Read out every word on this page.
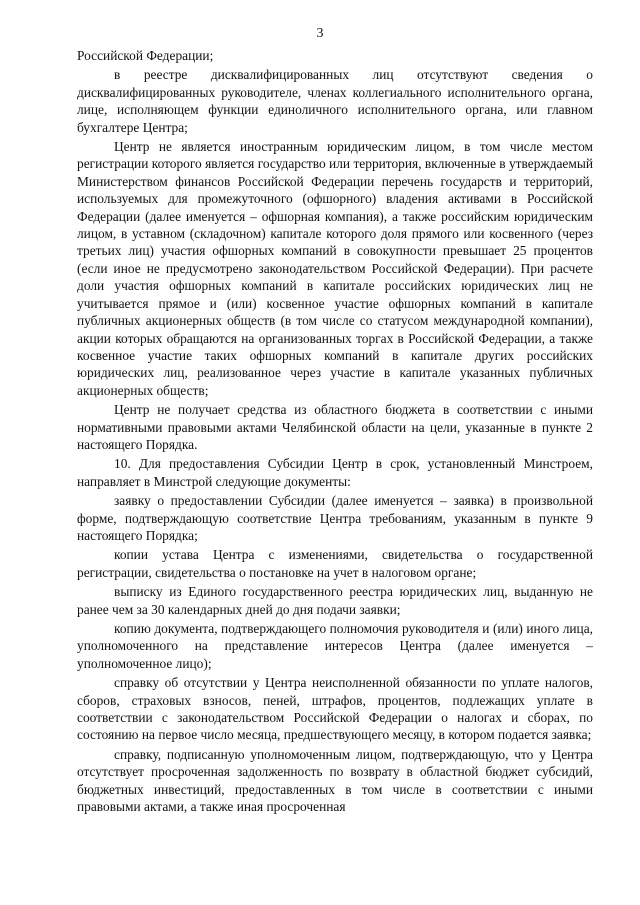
3

Российской Федерации;

в реестре дисквалифицированных лиц отсутствуют сведения о дисквалифицированных руководителе, членах коллегиального исполнительного органа, лице, исполняющем функции единоличного исполнительного органа, или главном бухгалтере Центра;

Центр не является иностранным юридическим лицом, в том числе местом регистрации которого является государство или территория, включенные в утверждаемый Министерством финансов Российской Федерации перечень государств и территорий, используемых для промежуточного (офшорного) владения активами в Российской Федерации (далее именуется – офшорная компания), а также российским юридическим лицом, в уставном (складочном) капитале которого доля прямого или косвенного (через третьих лиц) участия офшорных компаний в совокупности превышает 25 процентов (если иное не предусмотрено законодательством Российской Федерации). При расчете доли участия офшорных компаний в капитале российских юридических лиц не учитывается прямое и (или) косвенное участие офшорных компаний в капитале публичных акционерных обществ (в том числе со статусом международной компании), акции которых обращаются на организованных торгах в Российской Федерации, а также косвенное участие таких офшорных компаний в капитале других российских юридических лиц, реализованное через участие в капитале указанных публичных акционерных обществ;

Центр не получает средства из областного бюджета в соответствии с иными нормативными правовыми актами Челябинской области на цели, указанные в пункте 2 настоящего Порядка.

10. Для предоставления Субсидии Центр в срок, установленный Минстроем, направляет в Минстрой следующие документы:

заявку о предоставлении Субсидии (далее именуется – заявка) в произвольной форме, подтверждающую соответствие Центра требованиям, указанным в пункте 9 настоящего Порядка;

копии устава Центра с изменениями, свидетельства о государственной регистрации, свидетельства о постановке на учет в налоговом органе;

выписку из Единого государственного реестра юридических лиц, выданную не ранее чем за 30 календарных дней до дня подачи заявки;

копию документа, подтверждающего полномочия руководителя и (или) иного лица, уполномоченного на представление интересов Центра (далее именуется – уполномоченное лицо);

справку об отсутствии у Центра неисполненной обязанности по уплате налогов, сборов, страховых взносов, пеней, штрафов, процентов, подлежащих уплате в соответствии с законодательством Российской Федерации о налогах и сборах, по состоянию на первое число месяца, предшествующего месяцу, в котором подается заявка;

справку, подписанную уполномоченным лицом, подтверждающую, что у Центра отсутствует просроченная задолженность по возврату в областной бюджет субсидий, бюджетных инвестиций, предоставленных в том числе в соответствии с иными правовыми актами, а также иная просроченная
